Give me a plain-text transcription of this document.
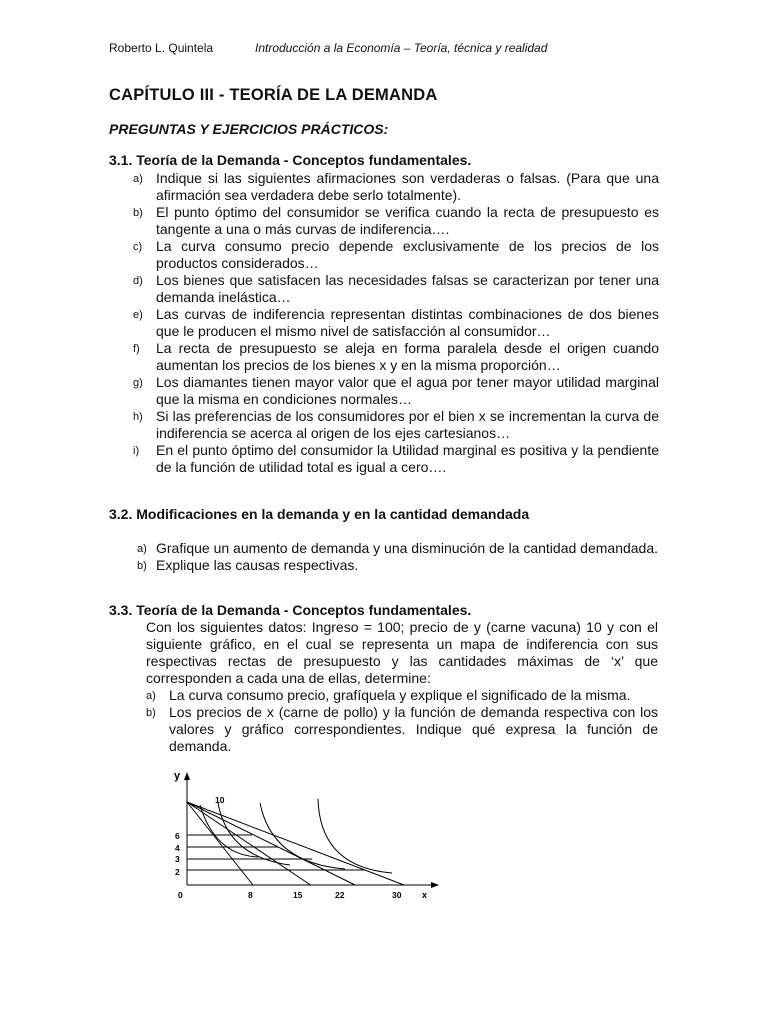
Roberto L. Quintela	Introducción a la Economía – Teoría, técnica y realidad
CAPÍTULO III - TEORÍA DE LA DEMANDA
PREGUNTAS Y EJERCICIOS PRÁCTICOS:
3.1. Teoría de la Demanda - Conceptos fundamentales.
a) Indique si las siguientes afirmaciones son verdaderas o falsas. (Para que una afirmación sea verdadera debe serlo totalmente).
b) El punto óptimo del consumidor se verifica cuando la recta de presupuesto es tangente a una o más curvas de indiferencia….
c) La curva consumo precio depende exclusivamente de los precios de los productos considerados…
d) Los bienes que satisfacen las necesidades falsas se caracterizan por tener una demanda inelástica…
e) Las curvas de indiferencia representan distintas combinaciones de dos bienes que le producen el mismo nivel de satisfacción al consumidor…
f) La recta de presupuesto se aleja en forma paralela desde el origen cuando aumentan los precios de los bienes x y en la misma proporción…
g) Los diamantes tienen mayor valor que el agua por tener mayor utilidad marginal que la misma en condiciones normales…
h) Si las preferencias de los consumidores por el bien x se incrementan la curva de indiferencia se acerca al origen de los ejes cartesianos…
i) En el punto óptimo del consumidor la Utilidad marginal es positiva y la pendiente de la función de utilidad total es igual a cero….
3.2. Modificaciones en la demanda y en la cantidad demandada
a) Grafique un aumento de demanda y una disminución de la cantidad demandada.
b) Explique las causas respectivas.
3.3. Teoría de la Demanda - Conceptos fundamentales.
Con los siguientes datos: Ingreso = 100; precio de y (carne vacuna) 10 y con el siguiente gráfico, en el cual se representa un mapa de indiferencia con sus respectivas rectas de presupuesto y las cantidades máximas de ‘x’ que corresponden a cada una de ellas, determine:
a) La curva consumo precio, grafíquela y explique el significado de la misma.
b) Los precios de x (carne de pollo) y la función de demanda respectiva con los valores y gráfico correspondientes. Indique qué expresa la función de demanda.
y
x
0	8	15	22	30
10
6
4
3
2
